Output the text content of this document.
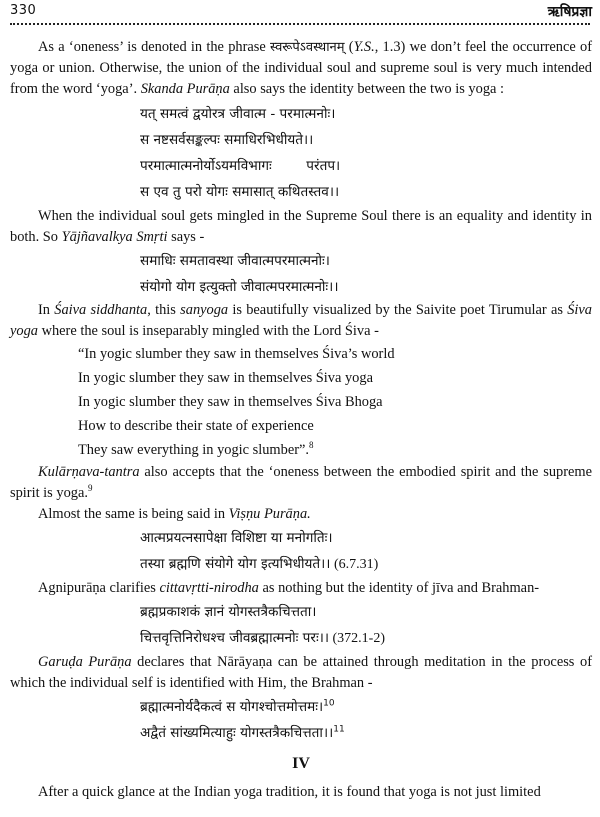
330	ऋषिप्रज्ञा

As a ‘oneness’ is denoted in the phrase स्वरूपेऽवस्थानम् (Y.S., 1.3) we don’t feel the occurrence of yoga or union. Otherwise, the union of the individual soul and supreme soul is very much intended from the word ‘yoga’. Skanda Purāṇa also says the identity between the two is yoga :

यत् समत्वं द्वयोरत्र जीवात्म - परमात्मनोः।
स नष्टसर्वसङ्कल्पः समाधिरभिधीयते।।
परमात्मात्मनोर्योऽयमविभागः        परंतप।
स एव तु परो योगः समासात् कथितस्तव।।

When the individual soul gets mingled in the Supreme Soul there is an equality and identity in both. So Yājñavalkya Smṛti says -

समाधिः समतावस्था जीवात्मपरमात्मनोः।
संयोगो योग इत्युक्तो जीवात्मपरमात्मनोः।।

In Śaiva siddhanta, this sanyoga is beautifully visualized by the Saivite poet Tirumular as Śiva yoga where the soul is inseparably mingled with the Lord Śiva -

“In yogic slumber they saw in themselves Śiva’s world
In yogic slumber they saw in themselves Śiva yoga
In yogic slumber they saw in themselves Śiva Bhoga
How to describe their state of experience
They saw everything in yogic slumber”.$^8$

Kulārṇava-tantra also accepts that the ‘oneness between the embodied spirit and the supreme spirit is yoga.$^9$

Almost the same is being said in Viṣṇu Purāṇa.

आत्मप्रयत्नसापेक्षा विशिष्टा या मनोगतिः।
तस्या ब्रह्मणि संयोगे योग इत्यभिधीयते।। (6.7.31)

Agnipurāṇa clarifies cittavṛtti-nirodha as nothing but the identity of jīva and Brahman-

ब्रह्मप्रकाशकं ज्ञानं योगस्तत्रैकचित्तता।
चित्तवृत्तिनिरोधश्च जीवब्रह्मात्मनोः परः।। (372.1-2)

Garuḍa Purāṇa declares that Nārāyaṇa can be attained through meditation in the process of which the individual self is identified with Him, the Brahman -

ब्रह्मात्मनोर्यदैकत्वं स योगश्चोत्तमोत्तमः।$^{10}$
अद्वैतं सांख्यमित्याहुः योगस्तत्रैकचित्तता।।$^{11}$
IV

After a quick glance at the Indian yoga tradition, it is found that yoga is not just limited
